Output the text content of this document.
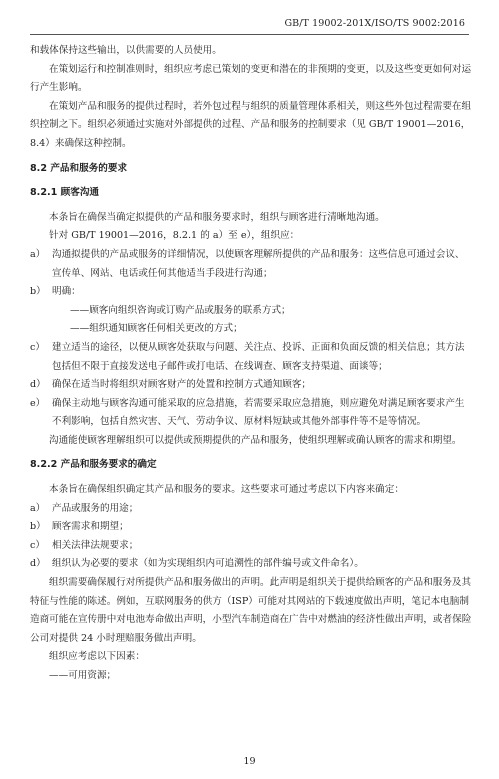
GB/T 19002-201X/ISO/TS 9002:2016

和载体保持这些输出，以供需要的人员使用。

在策划运行和控制准则时，组织应考虑已策划的变更和潜在的非预期的变更，以及这些变更如何对运行产生影响。

在策划产品和服务的提供过程时，若外包过程与组织的质量管理体系相关，则这些外包过程需要在组织控制之下。组织必须通过实施对外部提供的过程、产品和服务的控制要求（见 GB/T 19001—2016，8.4）来确保这种控制。

8.2 产品和服务的要求

8.2.1 顾客沟通

本条旨在确保当确定拟提供的产品和服务要求时，组织与顾客进行清晰地沟通。

针对 GB/T 19001—2016，8.2.1 的 a）至 e），组织应：

a） 沟通拟提供的产品或服务的详细情况，以使顾客理解所提供的产品和服务：这些信息可通过会议、宣传单、网站、电话或任何其他适当手段进行沟通；
b） 明确：

——顾客向组织咨询或订购产品或服务的联系方式；

——组织通知顾客任何相关更改的方式；

c） 建立适当的途径，以便从顾客处获取与问题、关注点、投诉、正面和负面反馈的相关信息；其方法包括但不限于直接发送电子邮件或打电话、在线调查、顾客支持渠道、面谈等；
d） 确保在适当时将组织对顾客财产的处置和控制方式通知顾客；
e） 确保主动地与顾客沟通可能采取的应急措施，若需要采取应急措施，则应避免对满足顾客要求产生不利影响，包括自然灾害、天气、劳动争议、原材料短缺或其他外部事件等不是等情况。

沟通能使顾客理解组织可以提供或预期提供的产品和服务，使组织理解或确认顾客的需求和期望。

8.2.2 产品和服务要求的确定

本条旨在确保组织确定其产品和服务的要求。这些要求可通过考虑以下内容来确定：

a） 产品或服务的用途；
b） 顾客需求和期望；
c） 相关法律法规要求；
d） 组织认为必要的要求（如为实现组织内可追溯性的部件编号或文件命名）。

组织需要确保履行对所提供产品和服务做出的声明。此声明是组织关于提供给顾客的产品和服务及其特征与性能的陈述。例如，互联网服务的供方（ISP）可能对其网站的下载速度做出声明，笔记本电脑制造商可能在宣传册中对电池寿命做出声明，小型汽车制造商在广告中对燃油的经济性做出声明，或者保险公司对提供 24 小时理赔服务做出声明。

组织应考虑以下因素：

——可用资源；

19
